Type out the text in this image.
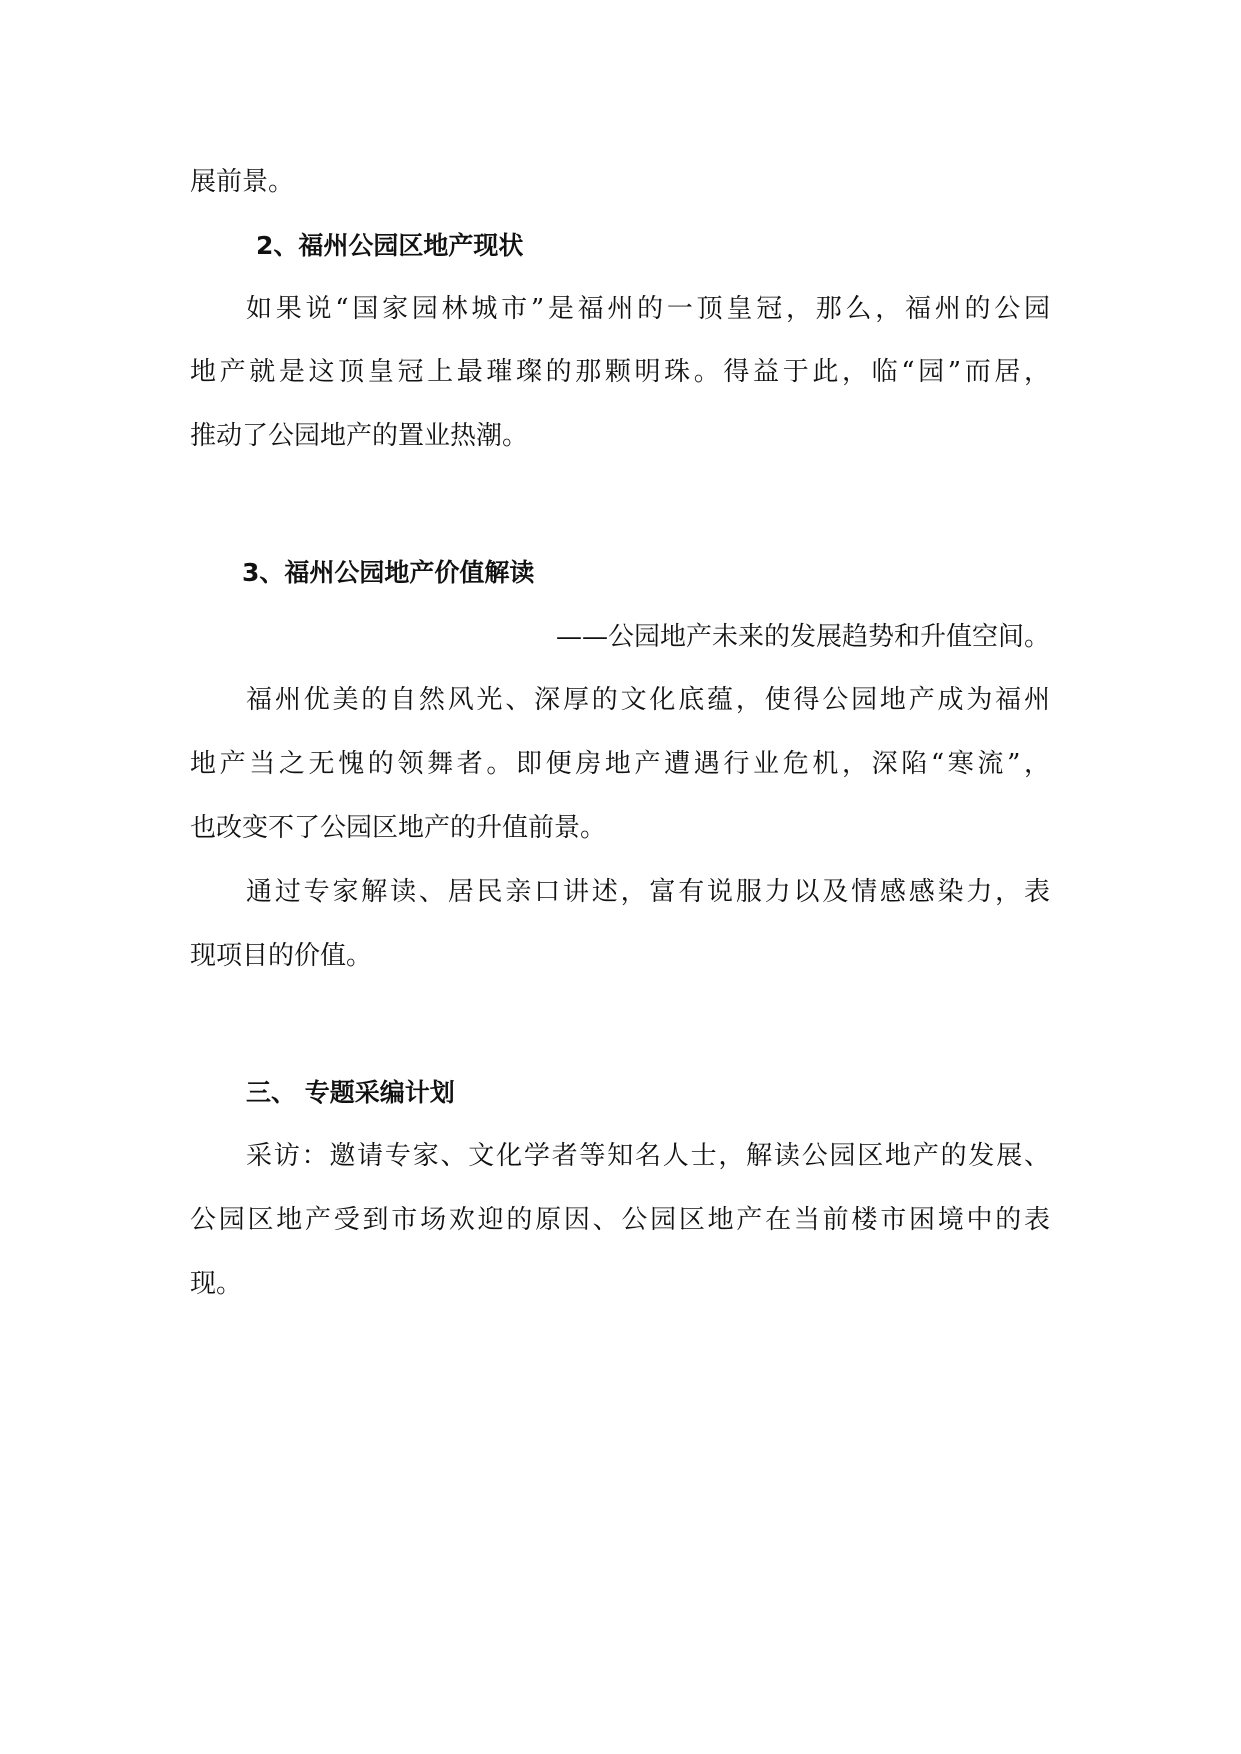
展前景。

2、福州公园区地产现状

如果说“国家园林城市”是福州的一顶皇冠，那么，福州的公园

地产就是这顶皇冠上最璀璨的那颗明珠。得益于此，临“园”而居，

推动了公园地产的置业热潮。

3、福州公园地产价值解读

——公园地产未来的发展趋势和升值空间。

福州优美的自然风光、深厚的文化底蕴，使得公园地产成为福州

地产当之无愧的领舞者。即便房地产遭遇行业危机，深陷“寒流”，

也改变不了公园区地产的升值前景。

通过专家解读、居民亲口讲述，富有说服力以及情感感染力，表

现项目的价值。

三、 专题采编计划

采访：邀请专家、文化学者等知名人士，解读公园区地产的发展、

公园区地产受到市场欢迎的原因、公园区地产在当前楼市困境中的表

现。
